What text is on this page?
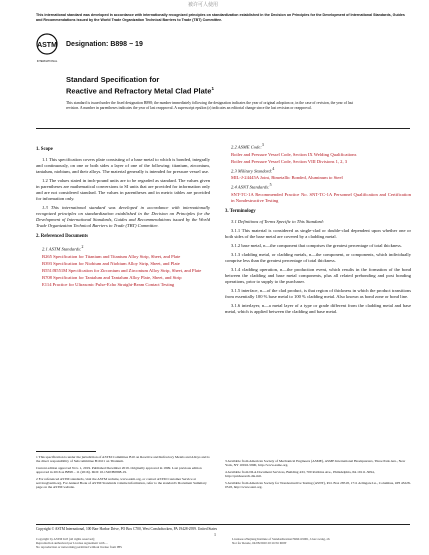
被许可人使用
This international standard was developed in accordance with internationally recognized principles on standardization established in the Decision on Principles for the Development of International Standards, Guides and Recommendations issued by the World Trade Organization Technical Barriers to Trade (TBT) Committee.
ASTM
INTERNATIONAL
Designation: B898 − 19
Standard Specification for
Reactive and Refractory Metal Clad Plate$^1$
This standard is issued under the fixed designation B898; the number immediately following the designation indicates the year of original adoption or, in the case of revision, the year of last revision. A number in parentheses indicates the year of last reapproval. A superscript epsilon (ε) indicates an editorial change since the last revision or reapproval.
1. Scope

1.1 This specification covers plate consisting of a base metal to which is bonded, integrally and continuously, on one or both sides a layer of one of the following: titanium, zirconium, tantalum, niobium, and their alloys. The material generally is intended for pressure vessel use.

1.2 The values stated in inch-pound units are to be regarded as standard. The values given in parentheses are mathematical conversions to SI units that are provided for information only and are not considered standard. The values in parentheses and in metric tables are provided for information only.

1.3 This international standard was developed in accordance with internationally recognized principles on standardization established in the Decision on Principles for the Development of International Standards, Guides and Recommendations issued by the World Trade Organization Technical Barriers to Trade (TBT) Committee.

2. Referenced Documents

2.1 ASTM Standards:$^2$

B265 Specification for Titanium and Titanium Alloy Strip, Sheet, and Plate

B393 Specification for Niobium and Niobium Alloy Strip, Sheet, and Plate

B551/B551M Specification for Zirconium and Zirconium Alloy Strip, Sheet, and Plate

B708 Specification for Tantalum and Tantalum Alloy Plate, Sheet, and Strip

E114 Practice for Ultrasonic Pulse-Echo Straight-Beam Contact Testing

2.2 ASME Code:$^3$

Boiler and Pressure Vessel Code, Section IX Welding Qualifications

Boiler and Pressure Vessel Code, Section VIII Divisions 1, 2, 3

2.3 Military Standard:$^4$

MIL-J-24445A Joint, Bimetallic Bonded, Aluminum to Steel

2.4 ASNT Standards:$^5$

SNT-TC-1A Recommended Practice No. SNT-TC-1A Personnel Qualification and Certification in Nondestructive Testing

3. Terminology

3.1 Definitions of Terms Specific to This Standard:

3.1.1 This material is considered as single-clad or double-clad dependent upon whether one or both sides of the base metal are covered by a cladding metal.

3.1.2 base metal, n—the component that comprises the greatest percentage of total thickness.

3.1.3 cladding metal, or cladding metals, n—the component, or components, which individually comprise less than the greatest percentage of total thickness.

3.1.4 cladding operation, n—the production event, which results in the formation of the bond between the cladding and base metal components, plus all related prebonding and post bonding operations, prior to supply to the purchaser.

3.1.5 interface, n—of the clad product, is that region of thickness in which the product transitions from essentially 100 % base metal to 100 % cladding metal. Also known as bond zone or bond line.

3.1.6 interlayer, n—a metal layer of a type or grade different from the cladding metal and base metal, which is applied between the cladding and base metal.

1 This specification is under the jurisdiction of ASTM Committee B10 on Reactive and Refractory Metals and Alloys and is the direct responsibility of Subcommittee B10.01 on Titanium.

Current edition approved Nov. 1, 2019. Published December 2019. Originally approved in 1999. Last previous edition approved in 2016 as B898 – 11 (2016). DOI: 10.1520/B0898-19.

2 For referenced ASTM standards, visit the ASTM website, www.astm.org, or contact ASTM Customer Service at service@astm.org. For Annual Book of ASTM Standards volume information, refer to the standard's Document Summary page on the ASTM website.

3 Available from American Society of Mechanical Engineers (ASME), ASME International Headquarters, Three Park Ave., New York, NY 10016-5990, http://www.asme.org.

4 Available from DLA Document Services, Building 4/D, 700 Robbins Ave., Philadelphia, PA 19111-5094, http://quicksearch.dla.mil.

5 Available from American Society for Nondestructive Testing (ASNT), P.O. Box 28518, 1711 Arlingate Ln., Columbus, OH 43228-0518, http://www.asnt.org.

Copyright © ASTM International, 100 Barr Harbor Drive, PO Box C700, West Conshohocken, PA 19428-2959. United States
Copyright by ASTM Int'l (all rights reserved);
Reproduction authorized per License Agreement with ...
No reproduction or networking permitted without license from IHS
Licensee=Zhejiang Institute of Standardization/5966119001, User=wang, zh
Not for Resale, 04/08/2020 20:16:56 MDT
1
